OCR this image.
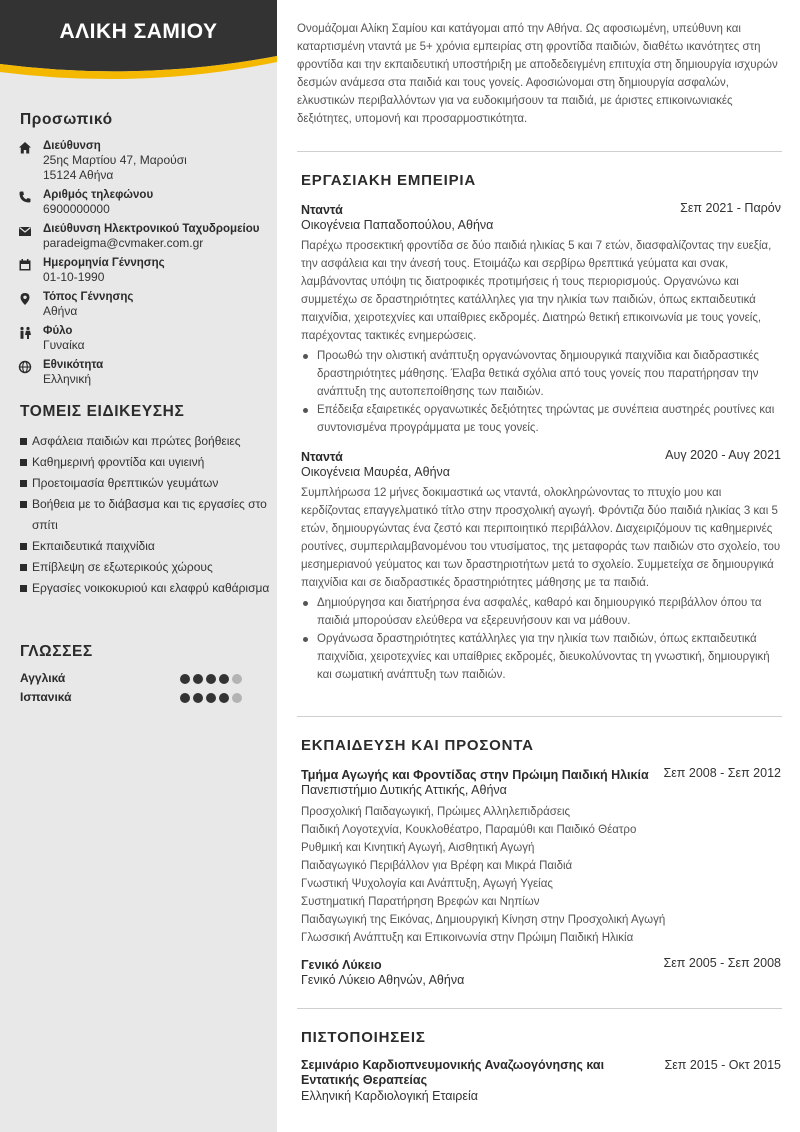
ΑΛΙΚΗ ΣΑΜΙΟΥ
Προσωπικό
Διεύθυνση
25ης Μαρτίου 47, Μαρούσι
15124 Αθήνα
Αριθμός τηλεφώνου
6900000000
Διεύθυνση Ηλεκτρονικού Ταχυδρομείου
paradeigma@cvmaker.com.gr
Ημερομηνία Γέννησης
01-10-1990
Τόπος Γέννησης
Αθήνα
Φύλο
Γυναίκα
Εθνικότητα
Ελληνική
ΤΟΜΕΙΣ ΕΙΔΙΚΕΥΣΗΣ
Ασφάλεια παιδιών και πρώτες βοήθειες
Καθημερινή φροντίδα και υγιεινή
Προετοιμασία θρεπτικών γευμάτων
Βοήθεια με το διάβασμα και τις εργασίες στο σπίτι
Εκπαιδευτικά παιχνίδια
Επίβλεψη σε εξωτερικούς χώρους
Εργασίες νοικοκυριού και ελαφρύ καθάρισμα
ΓΛΩΣΣΕΣ
Αγγλικά
Ισπανικά
Ονομάζομαι Αλίκη Σαμίου και κατάγομαι από την Αθήνα. Ως αφοσιωμένη, υπεύθυνη και καταρτισμένη νταντά με 5+ χρόνια εμπειρίας στη φροντίδα παιδιών, διαθέτω ικανότητες στη φροντίδα και την εκπαιδευτική υποστήριξη με αποδεδειγμένη επιτυχία στη δημιουργία ισχυρών δεσμών ανάμεσα στα παιδιά και τους γονείς. Αφοσιώνομαι στη δημιουργία ασφαλών, ελκυστικών περιβαλλόντων για να ευδοκιμήσουν τα παιδιά, με άριστες επικοινωνιακές δεξιότητες, υπομονή και προσαρμοστικότητα.
ΕΡΓΑΣΙΑΚΗ ΕΜΠΕΙΡΙΑ
Νταντά	Σεπ 2021 - Παρόν
Οικογένεια Παπαδοπούλου, Αθήνα
Παρέχω προσεκτική φροντίδα σε δύο παιδιά ηλικίας 5 και 7 ετών, διασφαλίζοντας την ευεξία, την ασφάλεια και την άνεσή τους. Ετοιμάζω και σερβίρω θρεπτικά γεύματα και σνακ, λαμβάνοντας υπόψη τις διατροφικές προτιμήσεις ή τους περιορισμούς. Οργανώνω και συμμετέχω σε δραστηριότητες κατάλληλες για την ηλικία των παιδιών, όπως εκπαιδευτικά παιχνίδια, χειροτεχνίες και υπαίθριες εκδρομές. Διατηρώ θετική επικοινωνία με τους γονείς, παρέχοντας τακτικές ενημερώσεις.
Προωθώ την ολιστική ανάπτυξη οργανώνοντας δημιουργικά παιχνίδια και διαδραστικές δραστηριότητες μάθησης. Έλαβα θετικά σχόλια από τους γονείς που παρατήρησαν την ανάπτυξη της αυτοπεποίθησης των παιδιών.
Επέδειξα εξαιρετικές οργανωτικές δεξιότητες τηρώντας με συνέπεια αυστηρές ρουτίνες και συντονισμένα προγράμματα με τους γονείς.
Νταντά	Αυγ 2020 - Αυγ 2021
Οικογένεια Μαυρέα, Αθήνα
Συμπλήρωσα 12 μήνες δοκιμαστικά ως νταντά, ολοκληρώνοντας το πτυχίο μου και κερδίζοντας επαγγελματικό τίτλο στην προσχολική αγωγή. Φρόντιζα δύο παιδιά ηλικίας 3 και 5 ετών, δημιουργώντας ένα ζεστό και περιποιητικό περιβάλλον. Διαχειριζόμουν τις καθημερινές ρουτίνες, συμπεριλαμβανομένου του ντυσίματος, της μεταφοράς των παιδιών στο σχολείο, του μεσημεριανού γεύματος και των δραστηριοτήτων μετά το σχολείο. Συμμετείχα σε δημιουργικά παιχνίδια και σε διαδραστικές δραστηριότητες μάθησης με τα παιδιά.
Δημιούργησα και διατήρησα ένα ασφαλές, καθαρό και δημιουργικό περιβάλλον όπου τα παιδιά μπορούσαν ελεύθερα να εξερευνήσουν και να μάθουν.
Οργάνωσα δραστηριότητες κατάλληλες για την ηλικία των παιδιών, όπως εκπαιδευτικά παιχνίδια, χειροτεχνίες και υπαίθριες εκδρομές, διευκολύνοντας τη γνωστική, δημιουργική και σωματική ανάπτυξη των παιδιών.
ΕΚΠΑΙΔΕΥΣΗ ΚΑΙ ΠΡΟΣΟΝΤΑ
Τμήμα Αγωγής και Φροντίδας στην Πρώιμη Παιδική Ηλικία Σεπ 2008 - Σεπ 2012
Πανεπιστήμιο Δυτικής Αττικής, Αθήνα
Προσχολική Παιδαγωγική, Πρώιμες Αλληλεπιδράσεις
Παιδική Λογοτεχνία, Κουκλοθέατρο, Παραμύθι και Παιδικό Θέατρο
Ρυθμική και Κινητική Αγωγή, Αισθητική Αγωγή
Παιδαγωγικό Περιβάλλον για Βρέφη και Μικρά Παιδιά
Γνωστική Ψυχολογία και Ανάπτυξη, Αγωγή Υγείας
Συστηματική Παρατήρηση Βρεφών και Νηπίων
Παιδαγωγική της Εικόνας, Δημιουργική Κίνηση στην Προσχολική Αγωγή
Γλωσσική Ανάπτυξη και Επικοινωνία στην Πρώιμη Παιδική Ηλικία
Γενικό Λύκειο	Σεπ 2005 - Σεπ 2008
Γενικό Λύκειο Αθηνών, Αθήνα
ΠΙΣΤΟΠΟΙΗΣΕΙΣ
Σεμινάριο Καρδιοπνευμονικής Αναζωογόνησης και Εντατικής Θεραπείας
Σεπ 2015 - Οκτ 2015
Ελληνική Καρδιολογική Εταιρεία
